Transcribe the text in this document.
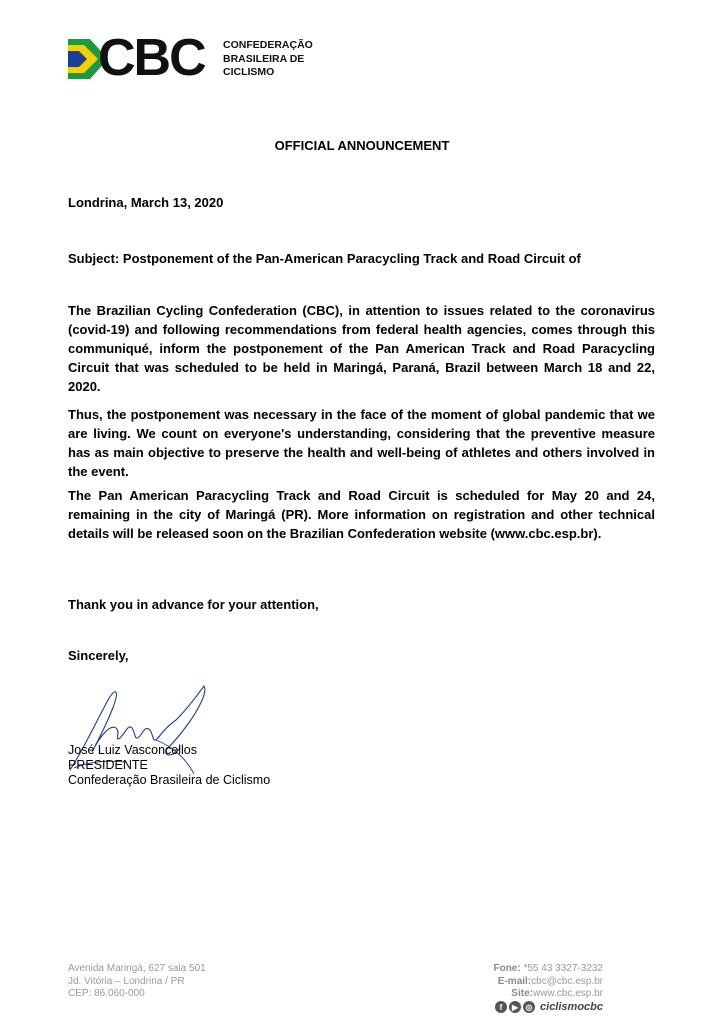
CBC CONFEDERAÇÃO
BRASILEIRA DE
CICLISMO
OFFICIAL ANNOUNCEMENT
Londrina, March 13, 2020
Subject: Postponement of the Pan-American Paracycling Track and Road Circuit of
The Brazilian Cycling Confederation (CBC), in attention to issues related to the coronavirus (covid-19) and following recommendations from federal health agencies, comes through this communiqué, inform the postponement of the Pan American Track and Road Paracycling Circuit that was scheduled to be held in Maringá, Paraná, Brazil between March 18 and 22, 2020.
Thus, the postponement was necessary in the face of the moment of global pandemic that we are living. We count on everyone's understanding, considering that the preventive measure has as main objective to preserve the health and well-being of athletes and others involved in the event.
The Pan American Paracycling Track and Road Circuit is scheduled for May 20 and 24, remaining in the city of Maringá (PR). More information on registration and other technical details will be released soon on the Brazilian Confederation website (www.cbc.esp.br).
Thank you in advance for your attention,
Sincerely,
José Luiz Vasconcellos
PRESIDENTE
Confederação Brasileira de Ciclismo
Avenida Maringá, 627 sala 501
Jd. Vitória – Londrina / PR
CEP: 86.060-000
Fone: *55 43 3327-3232
E-mail:cbc@cbc.esp.br
Site:www.cbc.esp.br
f	▶ ◎ ciclismocbc
